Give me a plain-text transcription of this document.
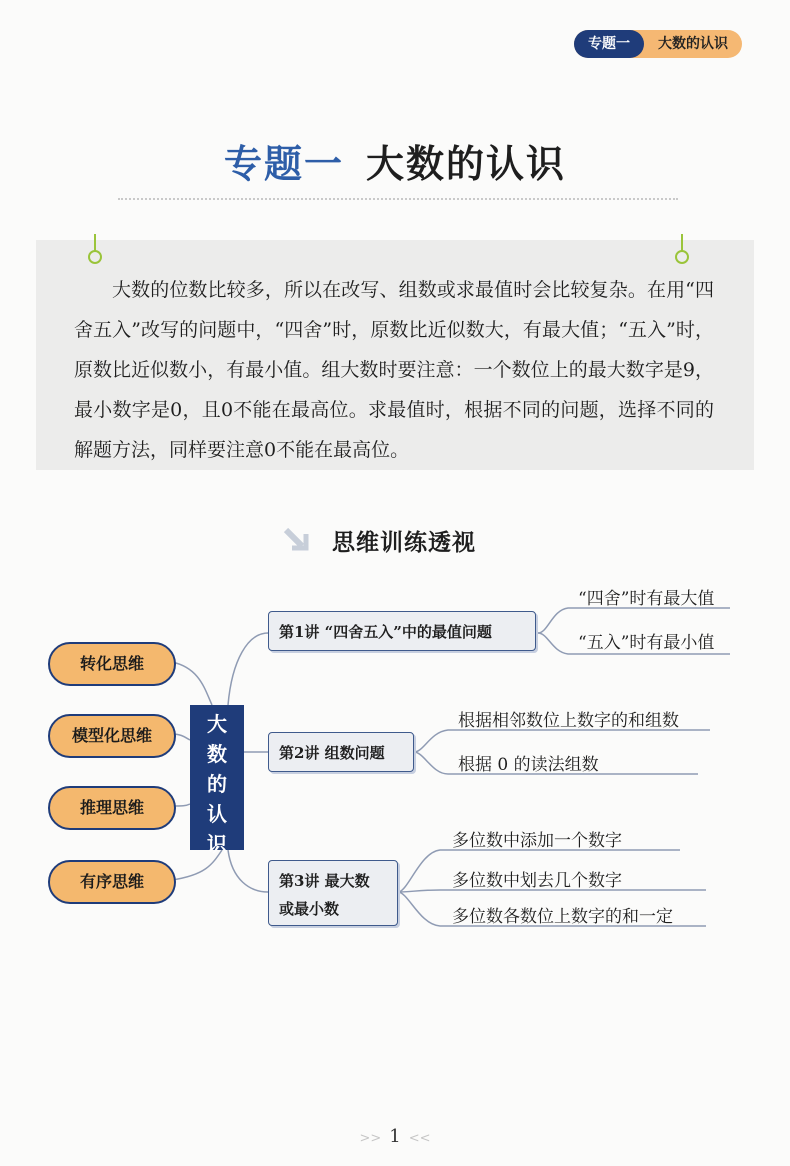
专题一	大数的认识
专题一 大数的认识
大数的位数比较多，所以在改写、组数或求最值时会比较复杂。在用“四舍五入”改写的问题中，“四舍”时，原数比近似数大，有最大值；“五入”时，原数比近似数小，有最小值。组大数时要注意：一个数位上的最大数字是9，最小数字是0，且0不能在最高位。求最值时，根据不同的问题，选择不同的解题方法，同样要注意0不能在最高位。
思维训练透视
转化思维
模型化思维
推理思维
有序思维
大
数
的
认
识
第1讲 “四舍五入”中的最值问题
第2讲 组数问题
第3讲 最大数
或最小数
“四舍”时有最大值
“五入”时有最小值
根据相邻数位上数字的和组数
根据 0 的读法组数
多位数中添加一个数字
多位数中划去几个数字
多位数各数位上数字的和一定
>> 1 <<
